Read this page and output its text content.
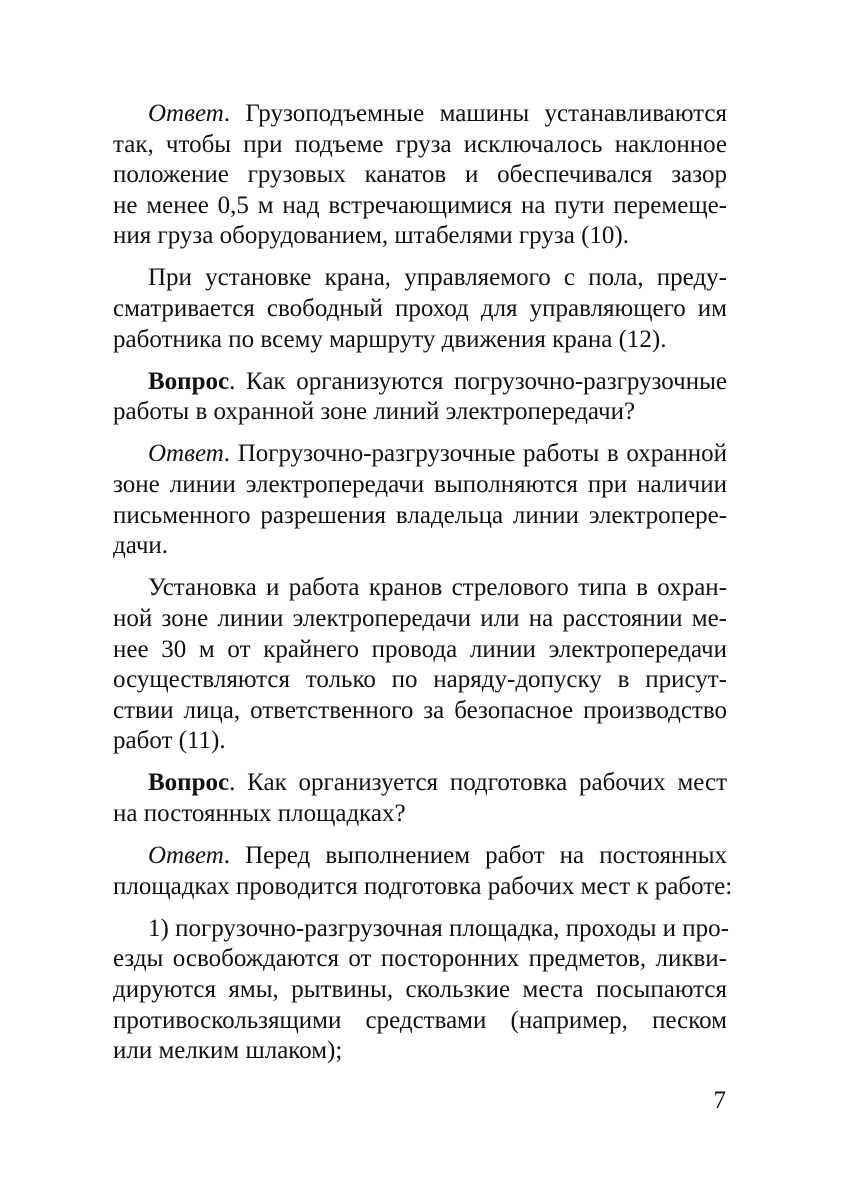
Ответ. Грузоподъемные машины устанавливаются
так, чтобы при подъеме груза исключалось наклонное
положение грузовых канатов и обеспечивался зазор
не менее 0,5 м над встречающимися на пути перемеще-
ния груза оборудованием, штабелями груза (10).
При установке крана, управляемого с пола, преду-
сматривается свободный проход для управляющего им
работника по всему маршруту движения крана (12).
Вопрос. Как организуются погрузочно-разгрузочные
работы в охранной зоне линий электропередачи?
Ответ. Погрузочно-разгрузочные работы в охранной
зоне линии электропередачи выполняются при наличии
письменного разрешения владельца линии электропере-
дачи.
Установка и работа кранов стрелового типа в охран-
ной зоне линии электропередачи или на расстоянии ме-
нее 30 м от крайнего провода линии электропередачи
осуществляются только по наряду-допуску в присут-
ствии лица, ответственного за безопасное производство
работ (11).
Вопрос. Как организуется подготовка рабочих мест
на постоянных площадках?
Ответ. Перед выполнением работ на постоянных
площадках проводится подготовка рабочих мест к работе:
1) погрузочно-разгрузочная площадка, проходы и про-
езды освобождаются от посторонних предметов, ликви-
дируются ямы, рытвины, скользкие места посыпаются
противоскользящими средствами (например, песком
или мелким шлаком);
7
